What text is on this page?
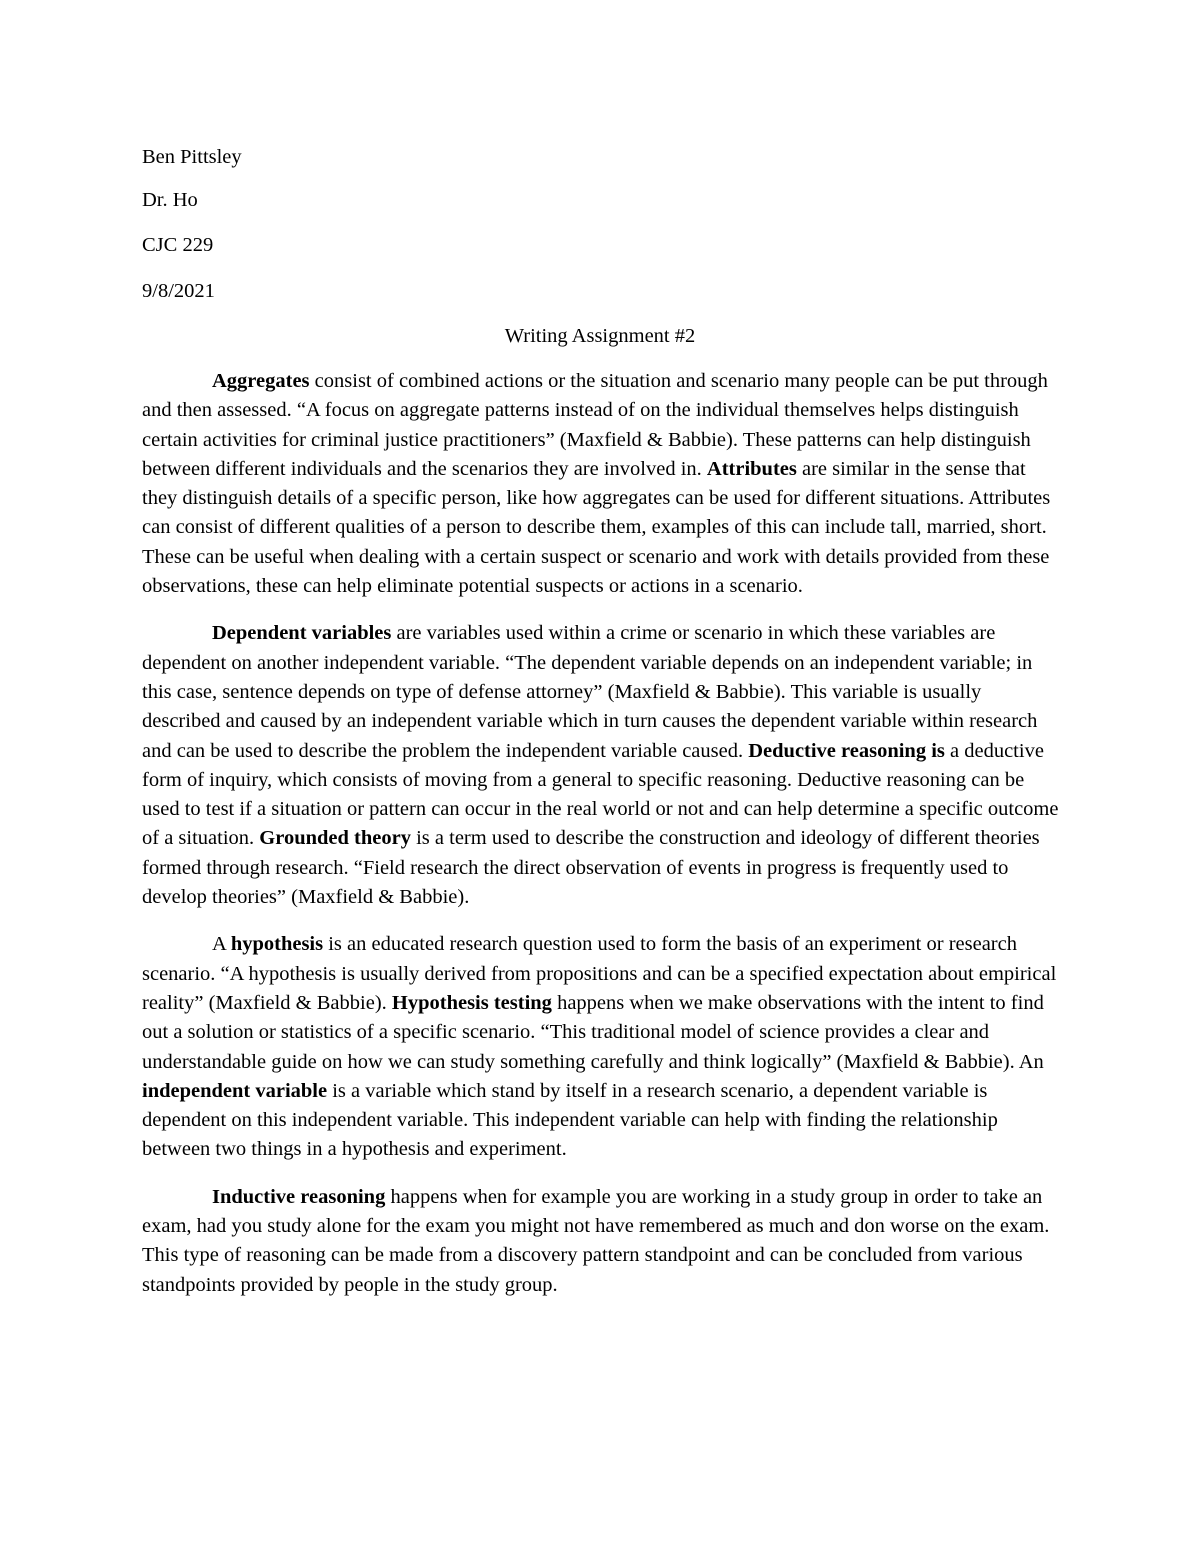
Ben Pittsley

Dr. Ho

CJC 229

9/8/2021

Writing Assignment #2

Aggregates consist of combined actions or the situation and scenario many people can be put through and then assessed. “A focus on aggregate patterns instead of on the individual themselves helps distinguish certain activities for criminal justice practitioners” (Maxfield & Babbie). These patterns can help distinguish between different individuals and the scenarios they are involved in. Attributes are similar in the sense that they distinguish details of a specific person, like how aggregates can be used for different situations. Attributes can consist of different qualities of a person to describe them, examples of this can include tall, married, short. These can be useful when dealing with a certain suspect or scenario and work with details provided from these observations, these can help eliminate potential suspects or actions in a scenario.

Dependent variables are variables used within a crime or scenario in which these variables are dependent on another independent variable. “The dependent variable depends on an independent variable; in this case, sentence depends on type of defense attorney” (Maxfield & Babbie). This variable is usually described and caused by an independent variable which in turn causes the dependent variable within research and can be used to describe the problem the independent variable caused. Deductive reasoning is a deductive form of inquiry, which consists of moving from a general to specific reasoning. Deductive reasoning can be used to test if a situation or pattern can occur in the real world or not and can help determine a specific outcome of a situation. Grounded theory is a term used to describe the construction and ideology of different theories formed through research. “Field research the direct observation of events in progress is frequently used to develop theories” (Maxfield & Babbie).

A hypothesis is an educated research question used to form the basis of an experiment or research scenario. “A hypothesis is usually derived from propositions and can be a specified expectation about empirical reality” (Maxfield & Babbie). Hypothesis testing happens when we make observations with the intent to find out a solution or statistics of a specific scenario. “This traditional model of science provides a clear and understandable guide on how we can study something carefully and think logically” (Maxfield & Babbie). An independent variable is a variable which stand by itself in a research scenario, a dependent variable is dependent on this independent variable. This independent variable can help with finding the relationship between two things in a hypothesis and experiment.

Inductive reasoning happens when for example you are working in a study group in order to take an exam, had you study alone for the exam you might not have remembered as much and don worse on the exam. This type of reasoning can be made from a discovery pattern standpoint and can be concluded from various standpoints provided by people in the study group.
